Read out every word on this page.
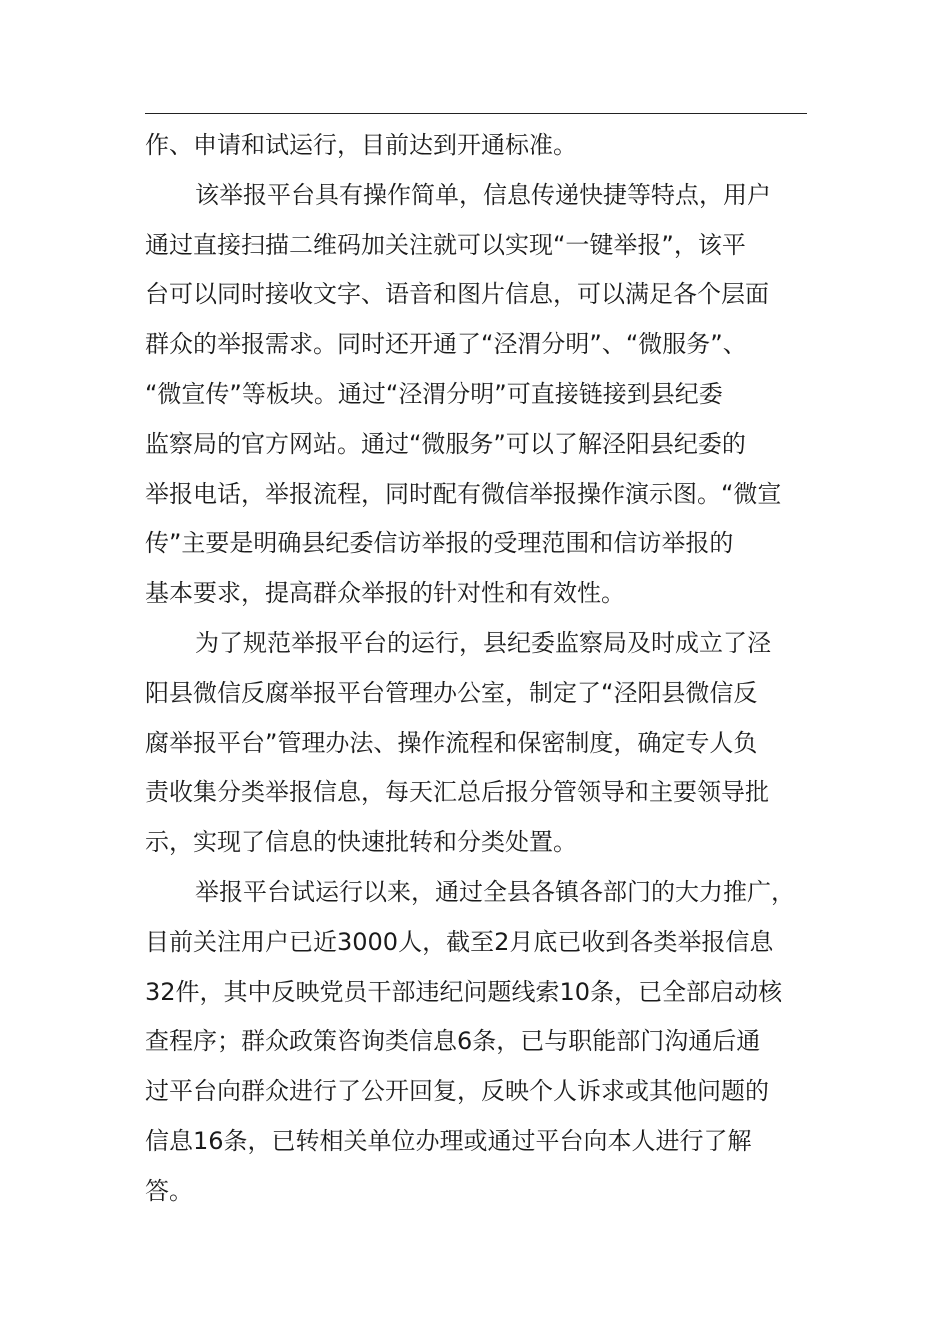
作、申请和试运行，目前达到开通标准。
该举报平台具有操作简单，信息传递快捷等特点，用户
通过直接扫描二维码加关注就可以实现“一键举报”，该平
台可以同时接收文字、语音和图片信息，可以满足各个层面
群众的举报需求。同时还开通了“泾渭分明”、“微服务”、
“微宣传”等板块。通过“泾渭分明”可直接链接到县纪委
监察局的官方网站。通过“微服务”可以了解泾阳县纪委的
举报电话，举报流程，同时配有微信举报操作演示图。“微宣
传”主要是明确县纪委信访举报的受理范围和信访举报的
基本要求，提高群众举报的针对性和有效性。
为了规范举报平台的运行，县纪委监察局及时成立了泾
阳县微信反腐举报平台管理办公室，制定了“泾阳县微信反
腐举报平台”管理办法、操作流程和保密制度，确定专人负
责收集分类举报信息，每天汇总后报分管领导和主要领导批
示，实现了信息的快速批转和分类处置。
举报平台试运行以来，通过全县各镇各部门的大力推广，
目前关注用户已近3000人，截至2月底已收到各类举报信息
32件，其中反映党员干部违纪问题线索10条，已全部启动核
查程序；群众政策咨询类信息6条，已与职能部门沟通后通
过平台向群众进行了公开回复，反映个人诉求或其他问题的
信息16条，已转相关单位办理或通过平台向本人进行了解
答。
